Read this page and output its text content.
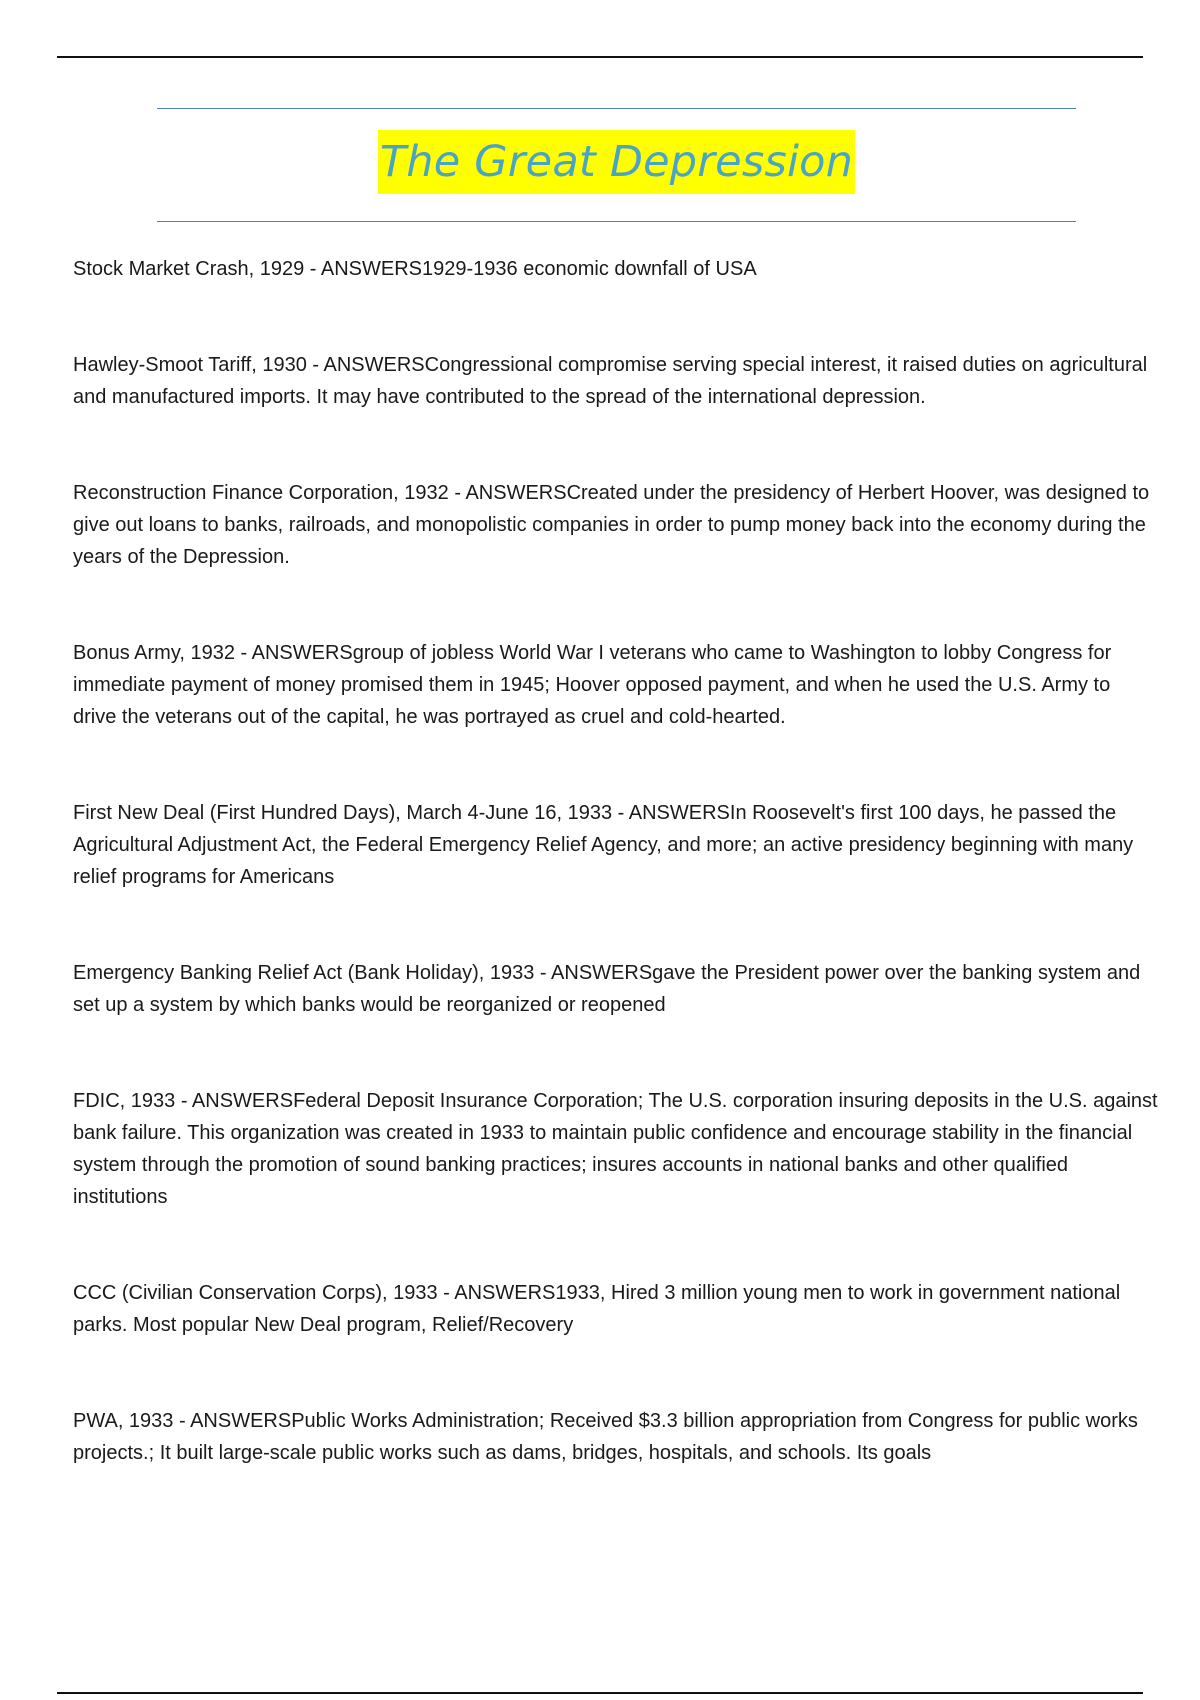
The Great Depression

Stock Market Crash, 1929 - ANSWERS1929-1936 economic downfall of USA

Hawley-Smoot Tariff, 1930 - ANSWERSCongressional compromise serving special interest, it raised duties on agricultural and manufactured imports. It may have contributed to the spread of the international depression.

Reconstruction Finance Corporation, 1932 - ANSWERSCreated under the presidency of Herbert Hoover, was designed to give out loans to banks, railroads, and monopolistic companies in order to pump money back into the economy during the years of the Depression.

Bonus Army, 1932 - ANSWERSgroup of jobless World War I veterans who came to Washington to lobby Congress for immediate payment of money promised them in 1945; Hoover opposed payment, and when he used the U.S. Army to drive the veterans out of the capital, he was portrayed as cruel and cold-hearted.

First New Deal (First Hundred Days), March 4-June 16, 1933 - ANSWERSIn Roosevelt's first 100 days, he passed the Agricultural Adjustment Act, the Federal Emergency Relief Agency, and more; an active presidency beginning with many relief programs for Americans

Emergency Banking Relief Act (Bank Holiday), 1933 - ANSWERSgave the President power over the banking system and set up a system by which banks would be reorganized or reopened

FDIC, 1933 - ANSWERSFederal Deposit Insurance Corporation; The U.S. corporation insuring deposits in the U.S. against bank failure. This organization was created in 1933 to maintain public confidence and encourage stability in the financial system through the promotion of sound banking practices; insures accounts in national banks and other qualified institutions

CCC (Civilian Conservation Corps), 1933 - ANSWERS1933, Hired 3 million young men to work in government national parks. Most popular New Deal program, Relief/Recovery

PWA, 1933 - ANSWERSPublic Works Administration; Received $3.3 billion appropriation from Congress for public works projects.; It built large-scale public works such as dams, bridges, hospitals, and schools. Its goals
